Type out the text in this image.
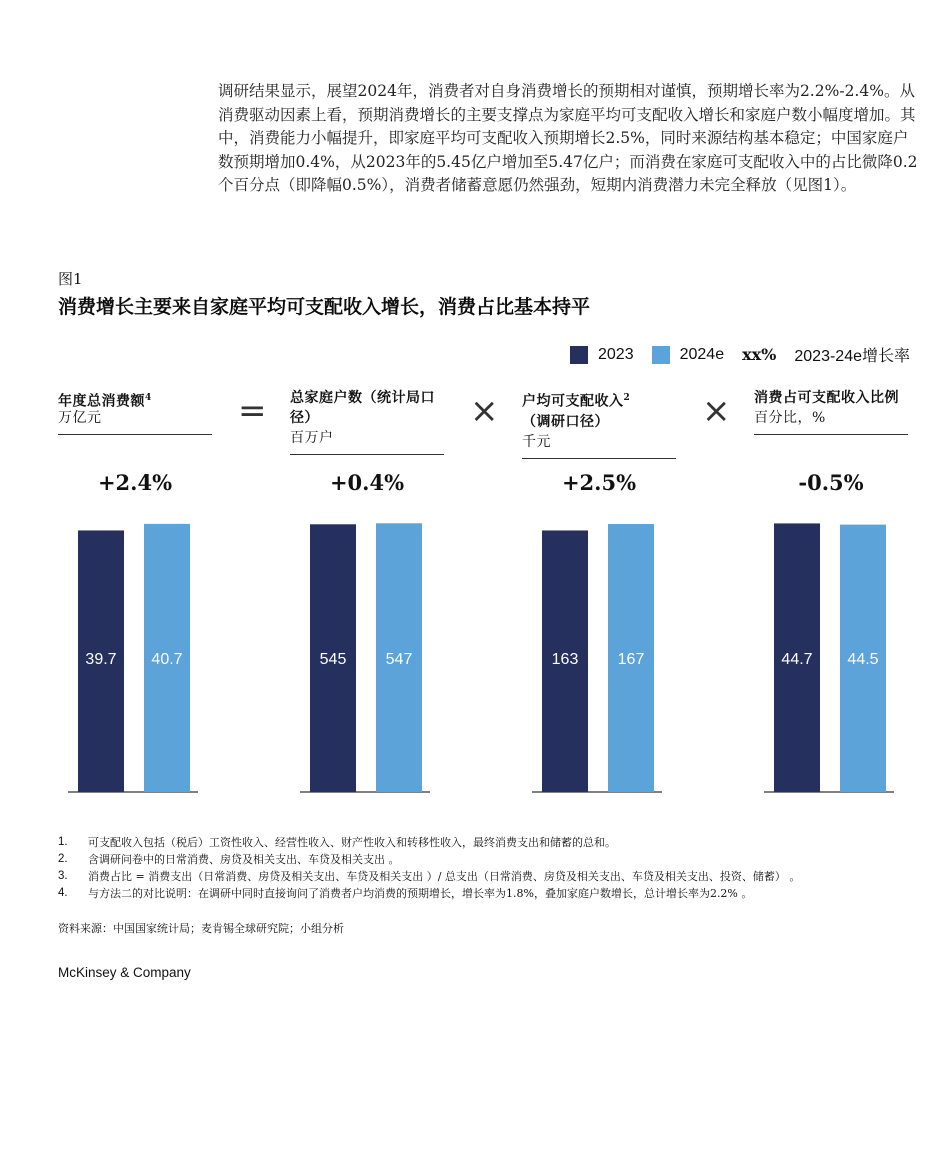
调研结果显示，展望2024年，消费者对自身消费增长的预期相对谨慎，预期增长率为2.2%-2.4%。从消费驱动因素上看，预期消费增长的主要支撑点为家庭平均可支配收入增长和家庭户数小幅度增加。其中，消费能力小幅提升，即家庭平均可支配收入预期增长2.5%，同时来源结构基本稳定；中国家庭户数预期增加0.4%，从2023年的5.45亿户增加至5.47亿户；而消费在家庭可支配收入中的占比微降0.2个百分点（即降幅0.5%），消费者储蓄意愿仍然强劲，短期内消费潜力未完全释放（见图1）。
图1
消费增长主要来自家庭平均可支配收入增长，消费占比基本持平
2023	2024e xx% 2023-24e增长率
年度总消费额$^4$
万亿元	= 总家庭户数（统计局口径）
百万户
× 户均可支配收入$^2$
（调研口径）
千元
× 消费占可支配收入比例
百分比，%
+2.4%	+0.4%	+2.5%	-0.5%
39.7 40.7	545 547	163 167	44.7 44.5
1.	可支配收入包括（税后）工资性收入、经营性收入、财产性收入和转移性收入，最终消费支出和储蓄的总和。
2.	含调研问卷中的日常消费、房贷及相关支出、车贷及相关支出 。
3.	消费占比 = 消费支出（日常消费、房贷及相关支出、车贷及相关支出 ）/ 总支出（日常消费、房贷及相关支出、车贷及相关支出、投资、储蓄） 。
4.	与方法二的对比说明：在调研中同时直接询问了消费者户均消费的预期增长，增长率为1.8%，叠加家庭户数增长，总计增长率为2.2% 。
资料来源：中国国家统计局；麦肯锡全球研究院；小组分析
McKinsey & Company
